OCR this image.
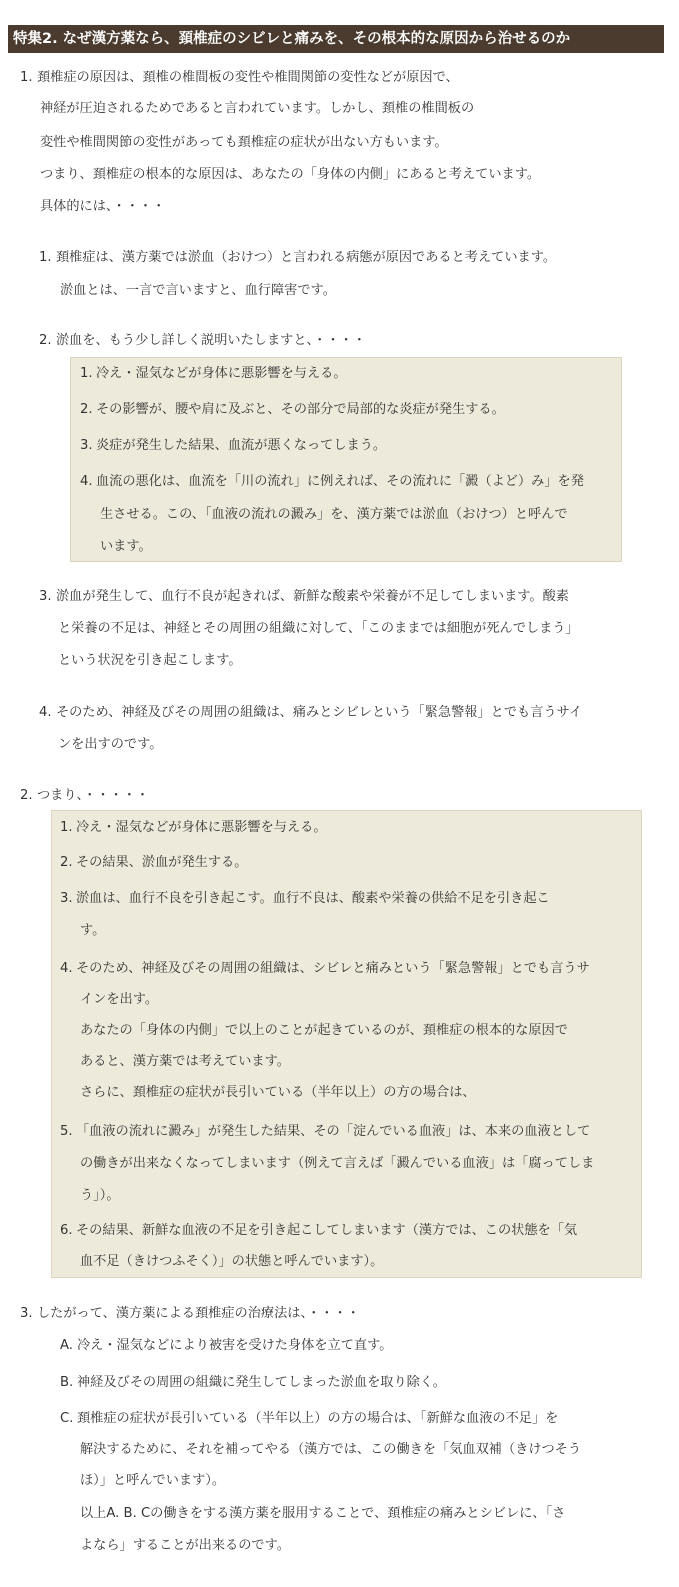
特集2. なぜ漢方薬なら、頚椎症のシビレと痛みを、その根本的な原因から治せるのか
1. 頚椎症の原因は、頚椎の椎間板の変性や椎間関節の変性などが原因で、
神経が圧迫されるためであると言われています。しかし、頚椎の椎間板の
変性や椎間関節の変性があっても頚椎症の症状が出ない方もいます。
つまり、頚椎症の根本的な原因は、あなたの「身体の内側」にあると考えています。
具体的には、・・・・
1. 頚椎症は、漢方薬では淤血（おけつ）と言われる病態が原因であると考えています。
淤血とは、一言で言いますと、血行障害です。
2. 淤血を、もう少し詳しく説明いたしますと、・・・・
1. 冷え・湿気などが身体に悪影響を与える。
2. その影響が、腰や肩に及ぶと、その部分で局部的な炎症が発生する。
3. 炎症が発生した結果、血流が悪くなってしまう。
4. 血流の悪化は、血流を「川の流れ」に例えれば、その流れに「澱（よど）み」を発
生させる。この、「血液の流れの澱み」を、漢方薬では淤血（おけつ）と呼んで
います。
3. 淤血が発生して、血行不良が起きれば、新鮮な酸素や栄養が不足してしまいます。酸素
と栄養の不足は、神経とその周囲の組織に対して、「このままでは細胞が死んでしまう」
という状況を引き起こします。
4. そのため、神経及びその周囲の組織は、痛みとシビレという「緊急警報」とでも言うサイ
ンを出すのです。
2. つまり、・・・・・
1. 冷え・湿気などが身体に悪影響を与える。
2. その結果、淤血が発生する。
3. 淤血は、血行不良を引き起こす。血行不良は、酸素や栄養の供給不足を引き起こ
す。
4. そのため、神経及びその周囲の組織は、シビレと痛みという「緊急警報」とでも言うサ
インを出す。
あなたの「身体の内側」で以上のことが起きているのが、頚椎症の根本的な原因で
あると、漢方薬では考えています。
さらに、頚椎症の症状が長引いている（半年以上）の方の場合は、
5. 「血液の流れに澱み」が発生した結果、その「淀んでいる血液」は、本来の血液として
の働きが出来なくなってしまいます（例えて言えば「澱んでいる血液」は「腐ってしま
う」）。
6. その結果、新鮮な血液の不足を引き起こしてしまいます（漢方では、この状態を「気
血不足（きけつふそく）」の状態と呼んでいます）。
3. したがって、漢方薬による頚椎症の治療法は、・・・・
A. 冷え・湿気などにより被害を受けた身体を立て直す。
B. 神経及びその周囲の組織に発生してしまった淤血を取り除く。
C. 頚椎症の症状が長引いている（半年以上）の方の場合は、「新鮮な血液の不足」を
解決するために、それを補ってやる（漢方では、この働きを「気血双補（きけつそう
ほ）」と呼んでいます）。
以上A. B. Cの働きをする漢方薬を服用することで、頚椎症の痛みとシビレに、「さ
よなら」することが出来るのです。
